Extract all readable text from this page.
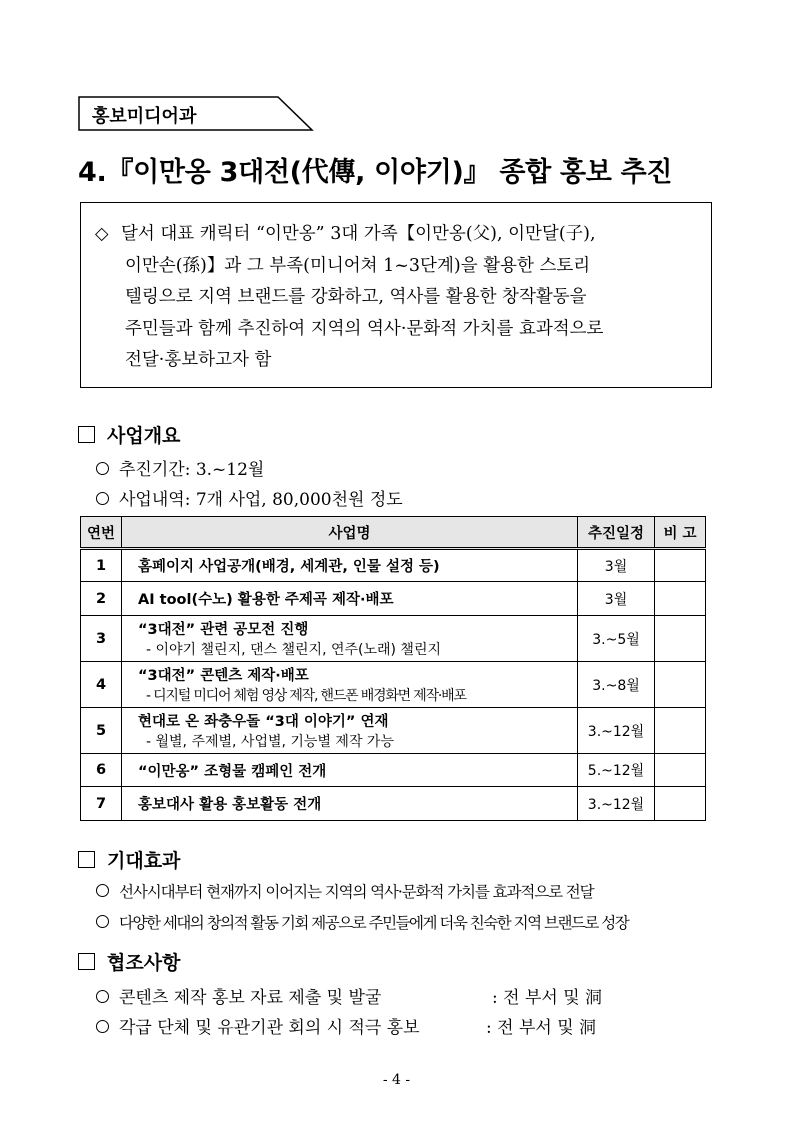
홍보미디어과
4.『이만옹 3대전(代傳, 이야기)』 종합 홍보 추진
◇ 달서 대표 캐릭터 “이만옹” 3대 가족【이만옹(父), 이만달(子),
이만손(孫)】과 그 부족(미니어쳐 1~3단계)을 활용한 스토리
텔링으로 지역 브랜드를 강화하고, 역사를 활용한 창작활동을
주민들과 함께 추진하여 지역의 역사·문화적 가치를 효과적으로
전달·홍보하고자 함
사업개요
추진기간: 3.~12월
사업내역: 7개 사업, 80,000천원 정도
연번	사업명	추진일정	비 고
1	홈페이지 사업공개(배경, 세계관, 인물 설정 등)	3월	
2	AI tool(수노) 활용한 주제곡 제작·배포	3월	
3	“3대전” 관련 공모전 진행
- 이야기 챌린지, 댄스 챌린지, 연주(노래) 챌린지	3.~5월	
4	“3대전” 콘텐츠 제작·배포
- 디지털 미디어 체험 영상 제작, 핸드폰 배경화면 제작·배포	3.~8월	
5	현대로 온 좌충우돌 “3대 이야기” 연재
- 월별, 주제별, 사업별, 기능별 제작 가능	3.~12월	
6	“이만옹” 조형물 캠페인 전개	5.~12월	
7	홍보대사 활용 홍보활동 전개	3.~12월	
기대효과
선사시대부터 현재까지 이어지는 지역의 역사·문화적 가치를 효과적으로 전달
다양한 세대의 창의적 활동 기회 제공으로 주민들에게 더욱 친숙한 지역 브랜드로 성장
협조사항
콘텐츠 제작 홍보 자료 제출 및 발굴	: 전 부서 및 洞
각급 단체 및 유관기관 회의 시 적극 홍보	: 전 부서 및 洞
- 4 -
